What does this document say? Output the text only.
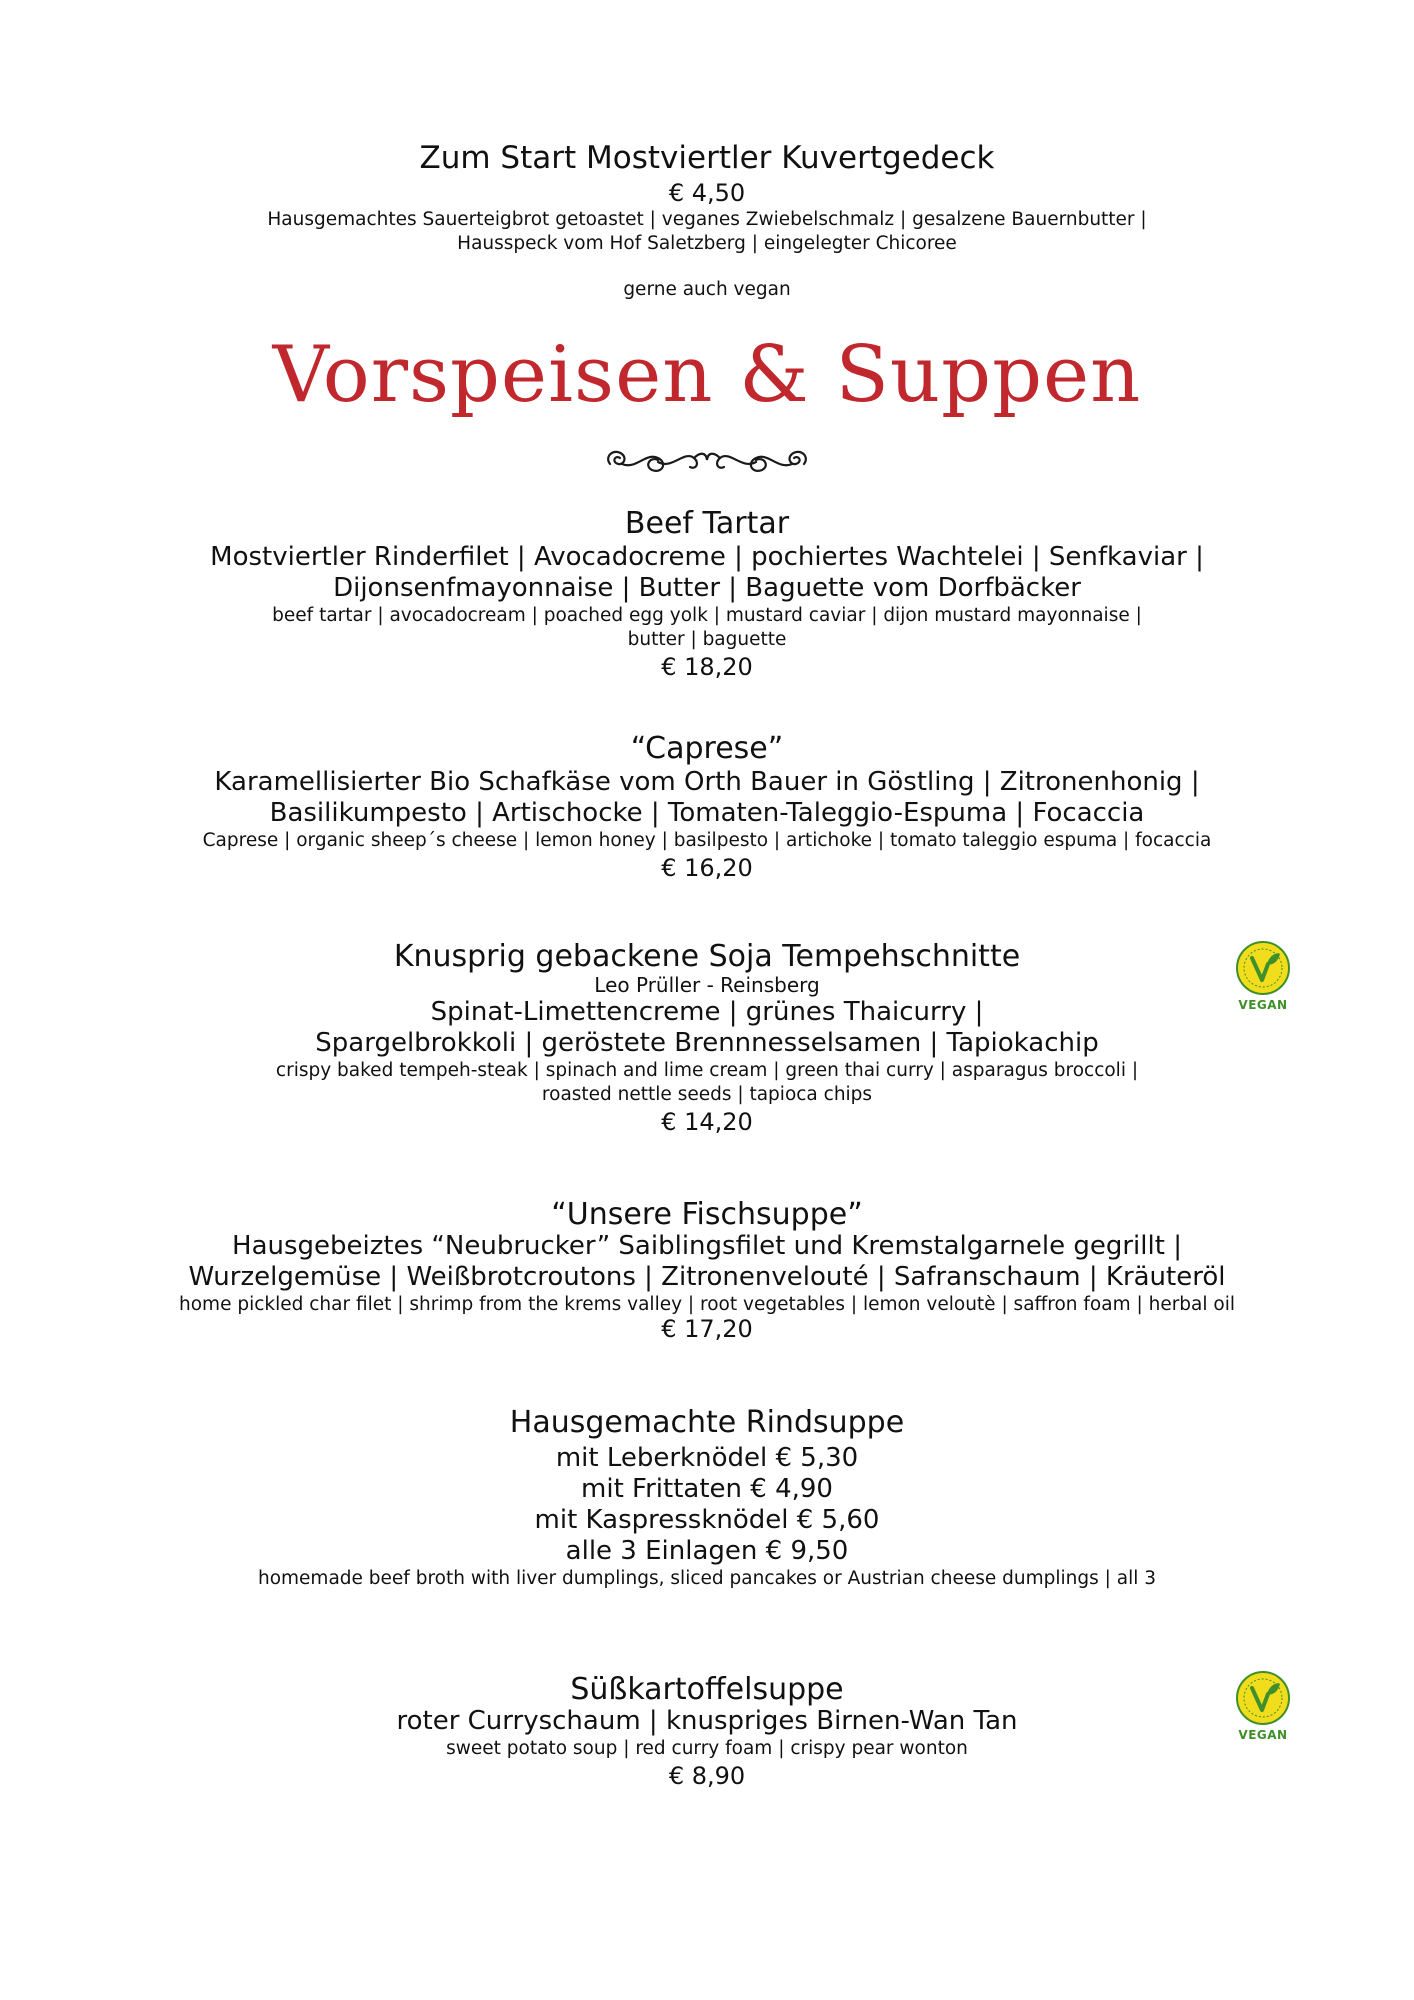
Zum Start Mostviertler Kuvertgedeck
€ 4,50
Hausgemachtes Sauerteigbrot getoastet | veganes Zwiebelschmalz | gesalzene Bauernbutter |
Hausspeck vom Hof Saletzberg | eingelegter Chicoree
gerne auch vegan
Vorspeisen & Suppen
Beef Tartar
Mostviertler Rinderfilet | Avocadocreme | pochiertes Wachtelei | Senfkaviar |
Dijonsenfmayonnaise | Butter | Baguette vom Dorfbäcker
beef tartar | avocadocream | poached egg yolk | mustard caviar | dijon mustard mayonnaise |
butter | baguette
€ 18,20
“Caprese”
Karamellisierter Bio Schafkäse vom Orth Bauer in Göstling | Zitronenhonig |
Basilikumpesto | Artischocke | Tomaten-Taleggio-Espuma | Focaccia
Caprese | organic sheep´s cheese | lemon honey | basilpesto | artichoke | tomato taleggio espuma | focaccia
€ 16,20
Knusprig gebackene Soja Tempehschnitte
Leo Prüller - Reinsberg
Spinat-Limettencreme | grünes Thaicurry |
Spargelbrokkoli | geröstete Brennnesselsamen | Tapiokachip
crispy baked tempeh-steak | spinach and lime cream | green thai curry | asparagus broccoli |
roasted nettle seeds | tapioca chips
€ 14,20
VEGAN
“Unsere Fischsuppe”
Hausgebeiztes “Neubrucker” Saiblingsfilet und Kremstalgarnele gegrillt |
Wurzelgemüse | Weißbrotcroutons | Zitronenvelouté | Safranschaum | Kräuteröl
home pickled char filet | shrimp from the krems valley | root vegetables | lemon veloutè | saffron foam | herbal oil
€ 17,20
Hausgemachte Rindsuppe
mit Leberknödel € 5,30
mit Frittaten € 4,90
mit Kaspressknödel € 5,60
alle 3 Einlagen € 9,50
homemade beef broth with liver dumplings, sliced pancakes or Austrian cheese dumplings | all 3
Süßkartoffelsuppe
roter Curryschaum | knuspriges Birnen-Wan Tan
sweet potato soup | red curry foam | crispy pear wonton
€ 8,90
VEGAN
